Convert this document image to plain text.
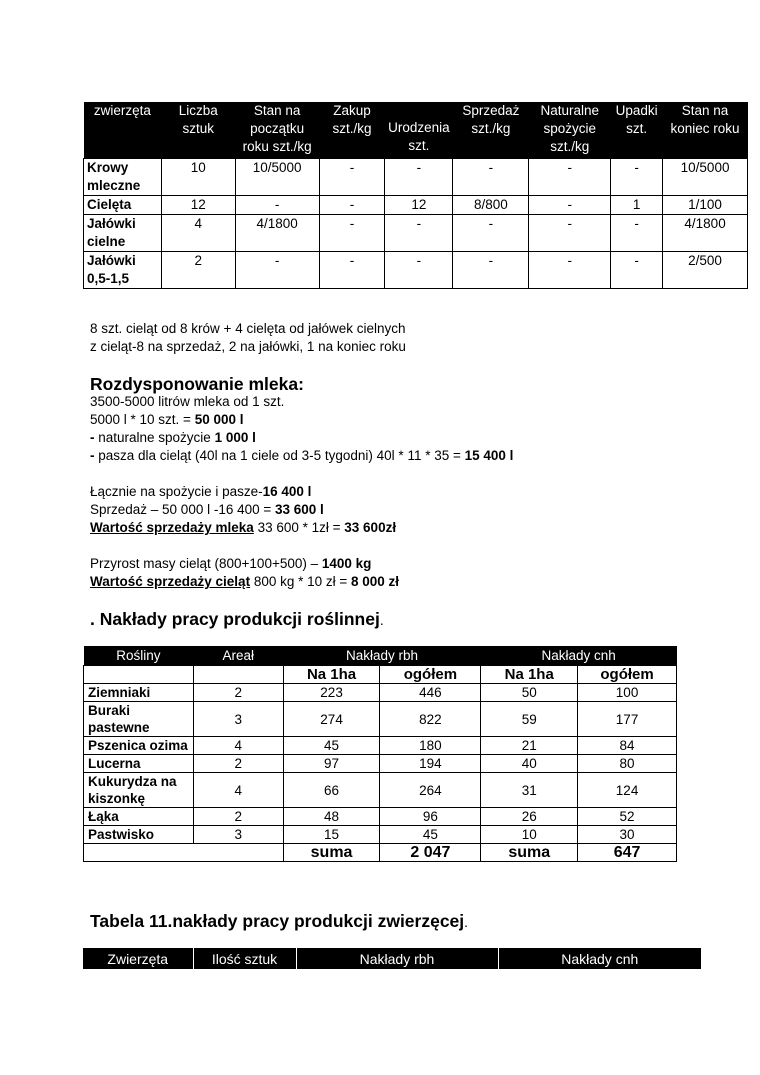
zwierzęta	Liczba sztuk	Stan na początku roku szt./kg	Zakup szt./kg	Urodzenia szt.	Sprzedaż szt./kg	Naturalne spożycie szt./kg	Upadki szt.	Stan na koniec roku
Krowy mleczne	10	10/5000	-	-	-	-	-	10/5000
Cielęta	12	-	-	12	8/800	-	1	1/100
Jałówki cielne	4	4/1800	-	-	-	-	-	4/1800
Jałówki 0,5-1,5	2	-	-	-	-	-	-	2/500

8 szt. cieląt od 8 krów + 4 cielęta od jałówek cielnych

z cieląt-8 na sprzedaż, 2 na jałówki, 1 na koniec roku

Rozdysponowanie mleka:

3500-5000 litrów mleka od 1 szt.

5000 l * 10 szt. = 50 000 l

- naturalne spożycie 1 000 l

- pasza dla cieląt (40l na 1 ciele od 3-5 tygodni) 40l * 11 * 35 = 15 400 l

Łącznie na spożycie i pasze-16 400 l

Sprzedaż – 50 000 l -16 400 = 33 600 l

Wartość sprzedaży mleka 33 600 * 1zł = 33 600zł

Przyrost masy cieląt (800+100+500) – 1400 kg

Wartość sprzedaży cieląt 800 kg * 10 zł = 8 000 zł

. Nakłady pracy produkcji roślinnej.
Rośliny	Areał	Nakłady rbh		Nakłady cnh	
		Na 1ha	ogółem	Na 1ha	ogółem
Ziemniaki	2	223	446	50	100
Buraki pastewne	3	274	822	59	177
Pszenica ozima	4	45	180	21	84
Lucerna	2	97	194	40	80
Kukurydza na kiszonkę	4	66	264	31	124
Łąka	2	48	96	26	52
Pastwisko	3	15	45	10	30
		suma	2 047	suma	647
Tabela 11.nakłady pracy produkcji zwierzęcej.
Zwierzęta	Ilość sztuk	Nakłady rbh	Nakłady cnh
